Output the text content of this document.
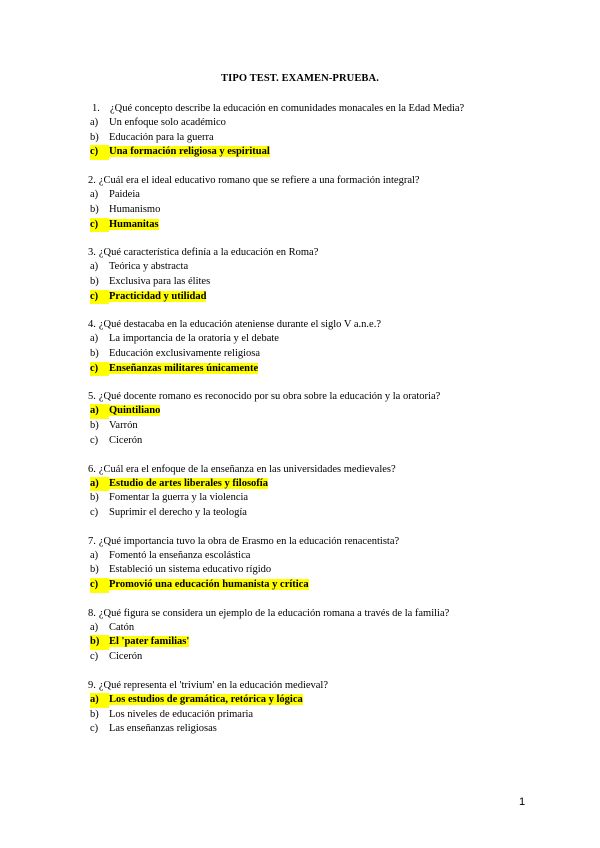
TIPO TEST. EXAMEN-PRUEBA.
1. ¿Qué concepto describe la educación en comunidades monacales en la Edad Media?
a) Un enfoque solo académico
b) Educación para la guerra
c) Una formación religiosa y espiritual
2. ¿Cuál era el ideal educativo romano que se refiere a una formación integral?
a) Paideia
b) Humanismo
c) Humanitas
3. ¿Qué característica definía a la educación en Roma?
a) Teórica y abstracta
b) Exclusiva para las élites
c) Practicidad y utilidad
4. ¿Qué destacaba en la educación ateniense durante el siglo V a.n.e.?
a) La importancia de la oratoria y el debate
b) Educación exclusivamente religiosa
c) Enseñanzas militares únicamente
5. ¿Qué docente romano es reconocido por su obra sobre la educación y la oratoria?
a) Quintiliano
b) Varrón
c) Cicerón
6. ¿Cuál era el enfoque de la enseñanza en las universidades medievales?
a) Estudio de artes liberales y filosofía
b) Fomentar la guerra y la violencia
c) Suprimir el derecho y la teología
7. ¿Qué importancia tuvo la obra de Erasmo en la educación renacentista?
a) Fomentó la enseñanza escolástica
b) Estableció un sistema educativo rígido
c) Promovió una educación humanista y crítica
8. ¿Qué figura se considera un ejemplo de la educación romana a través de la familia?
a) Catón
b) El 'pater familias'
c) Cicerón
9. ¿Qué representa el 'trivium' en la educación medieval?
a) Los estudios de gramática, retórica y lógica
b) Los niveles de educación primaria
c) Las enseñanzas religiosas
1
